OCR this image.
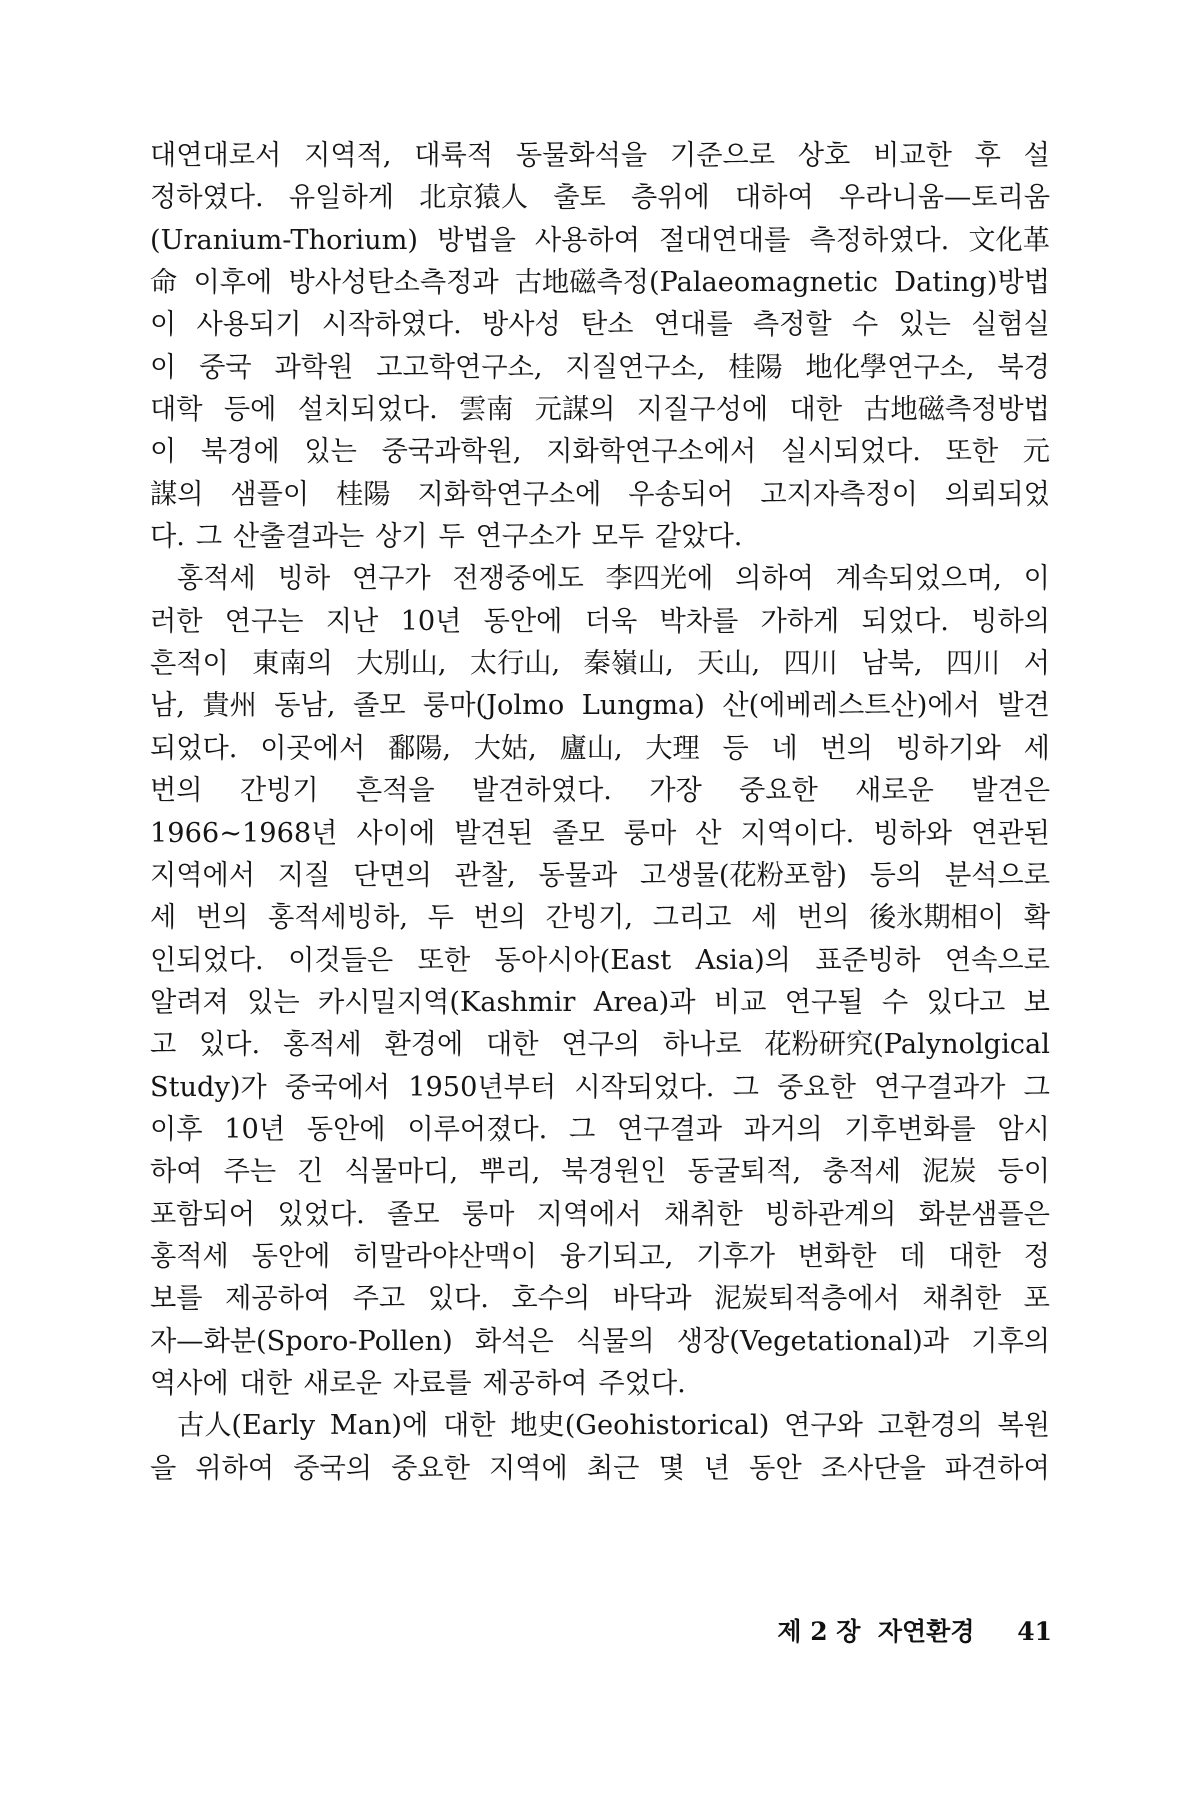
대연대로서 지역적, 대륙적 동물화석을 기준으로 상호 비교한 후 설
정하였다. 유일하게 北京猿人 출토 층위에 대하여 우라니움—토리움
(Uranium-Thorium) 방법을 사용하여 절대연대를 측정하였다. 文化革
命 이후에 방사성탄소측정과 古地磁측정(Palaeomagnetic Dating)방법
이 사용되기 시작하였다. 방사성 탄소 연대를 측정할 수 있는 실험실
이 중국 과학원 고고학연구소, 지질연구소, 桂陽 地化學연구소, 북경
대학 등에 설치되었다. 雲南 元謀의 지질구성에 대한 古地磁측정방법
이 북경에 있는 중국과학원, 지화학연구소에서 실시되었다. 또한 元
謀의 샘플이 桂陽 지화학연구소에 우송되어 고지자측정이 의뢰되었
다. 그 산출결과는 상기 두 연구소가 모두 같았다.
홍적세 빙하 연구가 전쟁중에도 李四光에 의하여 계속되었으며, 이
러한 연구는 지난 10년 동안에 더욱 박차를 가하게 되었다. 빙하의
흔적이 東南의 大別山, 太行山, 秦嶺山, 天山, 四川 남북, 四川 서
남, 貴州 동남, 졸모 룽마(Jolmo Lungma) 산(에베레스트산)에서 발견
되었다. 이곳에서 鄱陽, 大姑, 廬山, 大理 등 네 번의 빙하기와 세
번의 간빙기 흔적을 발견하였다. 가장 중요한 새로운 발견은
1966~1968년 사이에 발견된 졸모 룽마 산 지역이다. 빙하와 연관된
지역에서 지질 단면의 관찰, 동물과 고생물(花粉포함) 등의 분석으로
세 번의 홍적세빙하, 두 번의 간빙기, 그리고 세 번의 後氷期相이 확
인되었다. 이것들은 또한 동아시아(East Asia)의 표준빙하 연속으로
알려져 있는 카시밀지역(Kashmir Area)과 비교 연구될 수 있다고 보
고 있다. 홍적세 환경에 대한 연구의 하나로 花粉研究(Palynolgical
Study)가 중국에서 1950년부터 시작되었다. 그 중요한 연구결과가 그
이후 10년 동안에 이루어졌다. 그 연구결과 과거의 기후변화를 암시
하여 주는 긴 식물마디, 뿌리, 북경원인 동굴퇴적, 충적세 泥炭 등이
포함되어 있었다. 졸모 룽마 지역에서 채취한 빙하관계의 화분샘플은
홍적세 동안에 히말라야산맥이 융기되고, 기후가 변화한 데 대한 정
보를 제공하여 주고 있다. 호수의 바닥과 泥炭퇴적층에서 채취한 포
자—화분(Sporo-Pollen) 화석은 식물의 생장(Vegetational)과 기후의
역사에 대한 새로운 자료를 제공하여 주었다.
古人(Early Man)에 대한 地史(Geohistorical) 연구와 고환경의 복원
을 위하여 중국의 중요한 지역에 최근 몇 년 동안 조사단을 파견하여
제 2 장 자연환경 41
